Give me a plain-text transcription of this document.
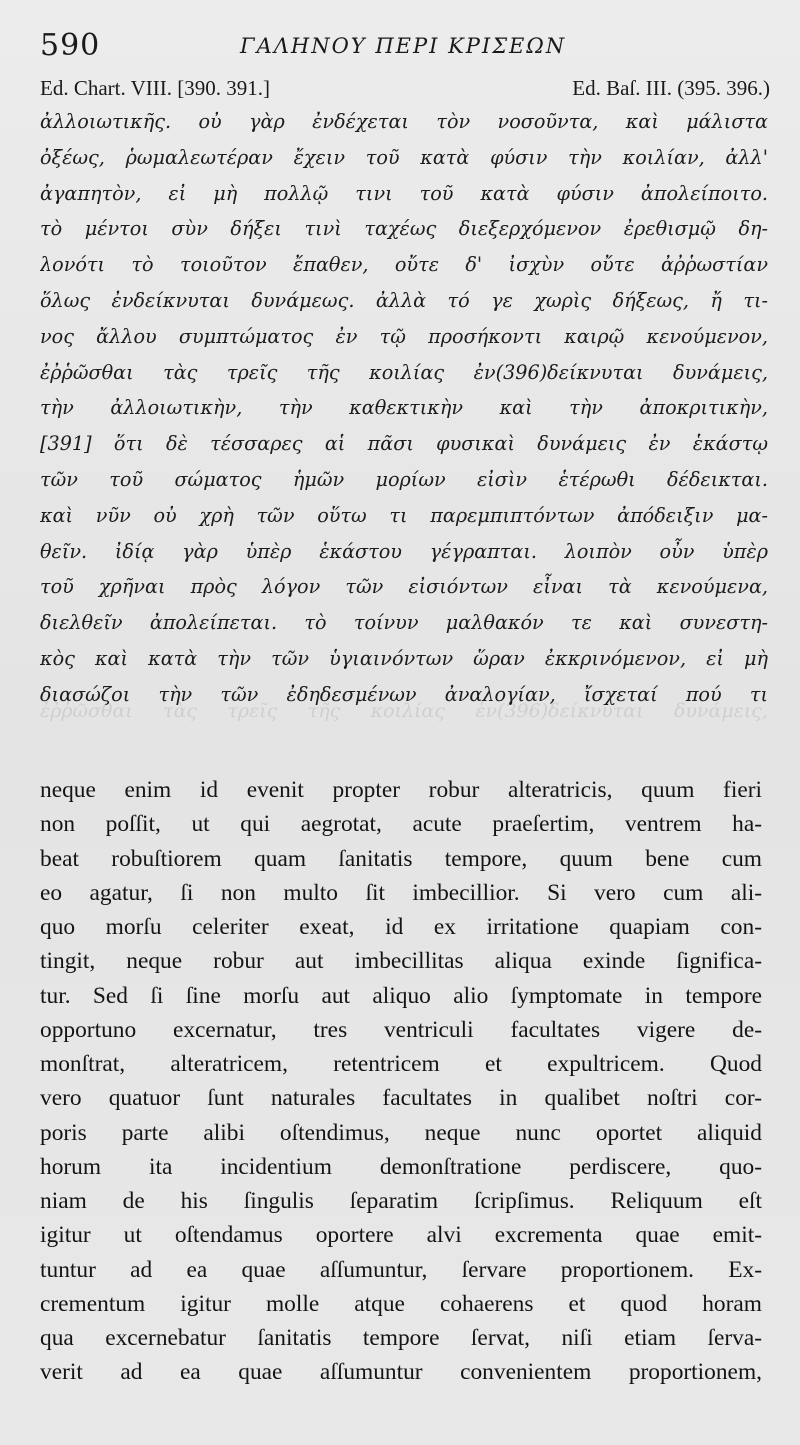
590	ΓΑΛΗΝΟΥ ΠΕΡΙ ΚΡΙΣΕΩΝ
Ed. Chart. VIII. [390. 391.]	Ed. Baſ. III. (395. 396.)
ἀλλοιωτικῆς. οὐ γὰρ ἐνδέχεται τὸν νοσοῦντα, καὶ μάλιστα
ὀξέως, ῥωμαλεωτέραν ἔχειν τοῦ κατὰ φύσιν τὴν κοιλίαν, ἀλλ'
ἀγαπητὸν, εἰ μὴ πολλῷ τινι τοῦ κατὰ φύσιν ἀπολείποιτο.
τὸ μέντοι σὺν δήξει τινὶ ταχέως διεξερχόμενον ἐρεθισμῷ δη-
λονότι τὸ τοιοῦτον ἔπαθεν, οὔτε δ' ἰσχὺν οὔτε ἀῤῥωστίαν
ὅλως ἐνδείκνυται δυνάμεως. ἀλλὰ τό γε χωρὶς δήξεως, ἤ τι-
νος ἄλλου συμπτώματος ἐν τῷ προσήκοντι καιρῷ κενούμενον,
ἐῤῥῶσθαι τὰς τρεῖς τῆς κοιλίας ἐν(396)δείκνυται δυνάμεις,
τὴν ἀλλοιωτικὴν, τὴν καθεκτικὴν καὶ τὴν ἀποκριτικὴν,
[391] ὅτι δὲ τέσσαρες αἱ πᾶσι φυσικαὶ δυνάμεις ἐν ἑκάστῳ
τῶν τοῦ σώματος ἡμῶν μορίων εἰσὶν ἑτέρωθι δέδεικται.
καὶ νῦν οὐ χρὴ τῶν οὕτω τι παρεμπιπτόντων ἀπόδειξιν μα-
θεῖν. ἰδίᾳ γὰρ ὑπὲρ ἑκάστου γέγραπται. λοιπὸν οὖν ὑπὲρ
τοῦ χρῆναι πρὸς λόγον τῶν εἰσιόντων εἶναι τὰ κενούμενα,
διελθεῖν ἀπολείπεται. τὸ τοίνυν μαλθακόν τε καὶ συνεστη-
κὸς καὶ κατὰ τὴν τῶν ὑγιαινόντων ὥραν ἐκκρινόμενον, εἰ μὴ
διασώζοι τὴν τῶν ἐδηδεσμένων ἀναλογίαν, ἴσχεταί πού τι
ἐῤῥῶσθαι τὰς τρεῖς τῆς κοιλίας ἐν(396)δείκνυται δυνάμεις,
neque enim id evenit propter robur alteratricis, quum fieri
non poſſit, ut qui aegrotat, acute praeſertim, ventrem ha-
beat robuſtiorem quam ſanitatis tempore, quum bene cum
eo agatur, ſi non multo ſit imbecillior. Si vero cum ali-
quo morſu celeriter exeat, id ex irritatione quapiam con-
tingit, neque robur aut imbecillitas aliqua exinde ſignifica-
tur. Sed ſi ſine morſu aut aliquo alio ſymptomate in tempore
opportuno excernatur, tres ventriculi facultates vigere de-
monſtrat, alteratricem, retentricem et expultricem. Quod
vero quatuor ſunt naturales facultates in qualibet noſtri cor-
poris parte alibi oſtendimus, neque nunc oportet aliquid
horum ita incidentium demonſtratione perdiscere, quo-
niam de his ſingulis ſeparatim ſcripſimus. Reliquum eſt
igitur ut oſtendamus oportere alvi excrementa quae emit-
tuntur ad ea quae aſſumuntur, ſervare proportionem. Ex-
crementum igitur molle atque cohaerens et quod horam
qua excernebatur ſanitatis tempore ſervat, niſi etiam ſerva-
verit ad ea quae aſſumuntur convenientem proportionem,
